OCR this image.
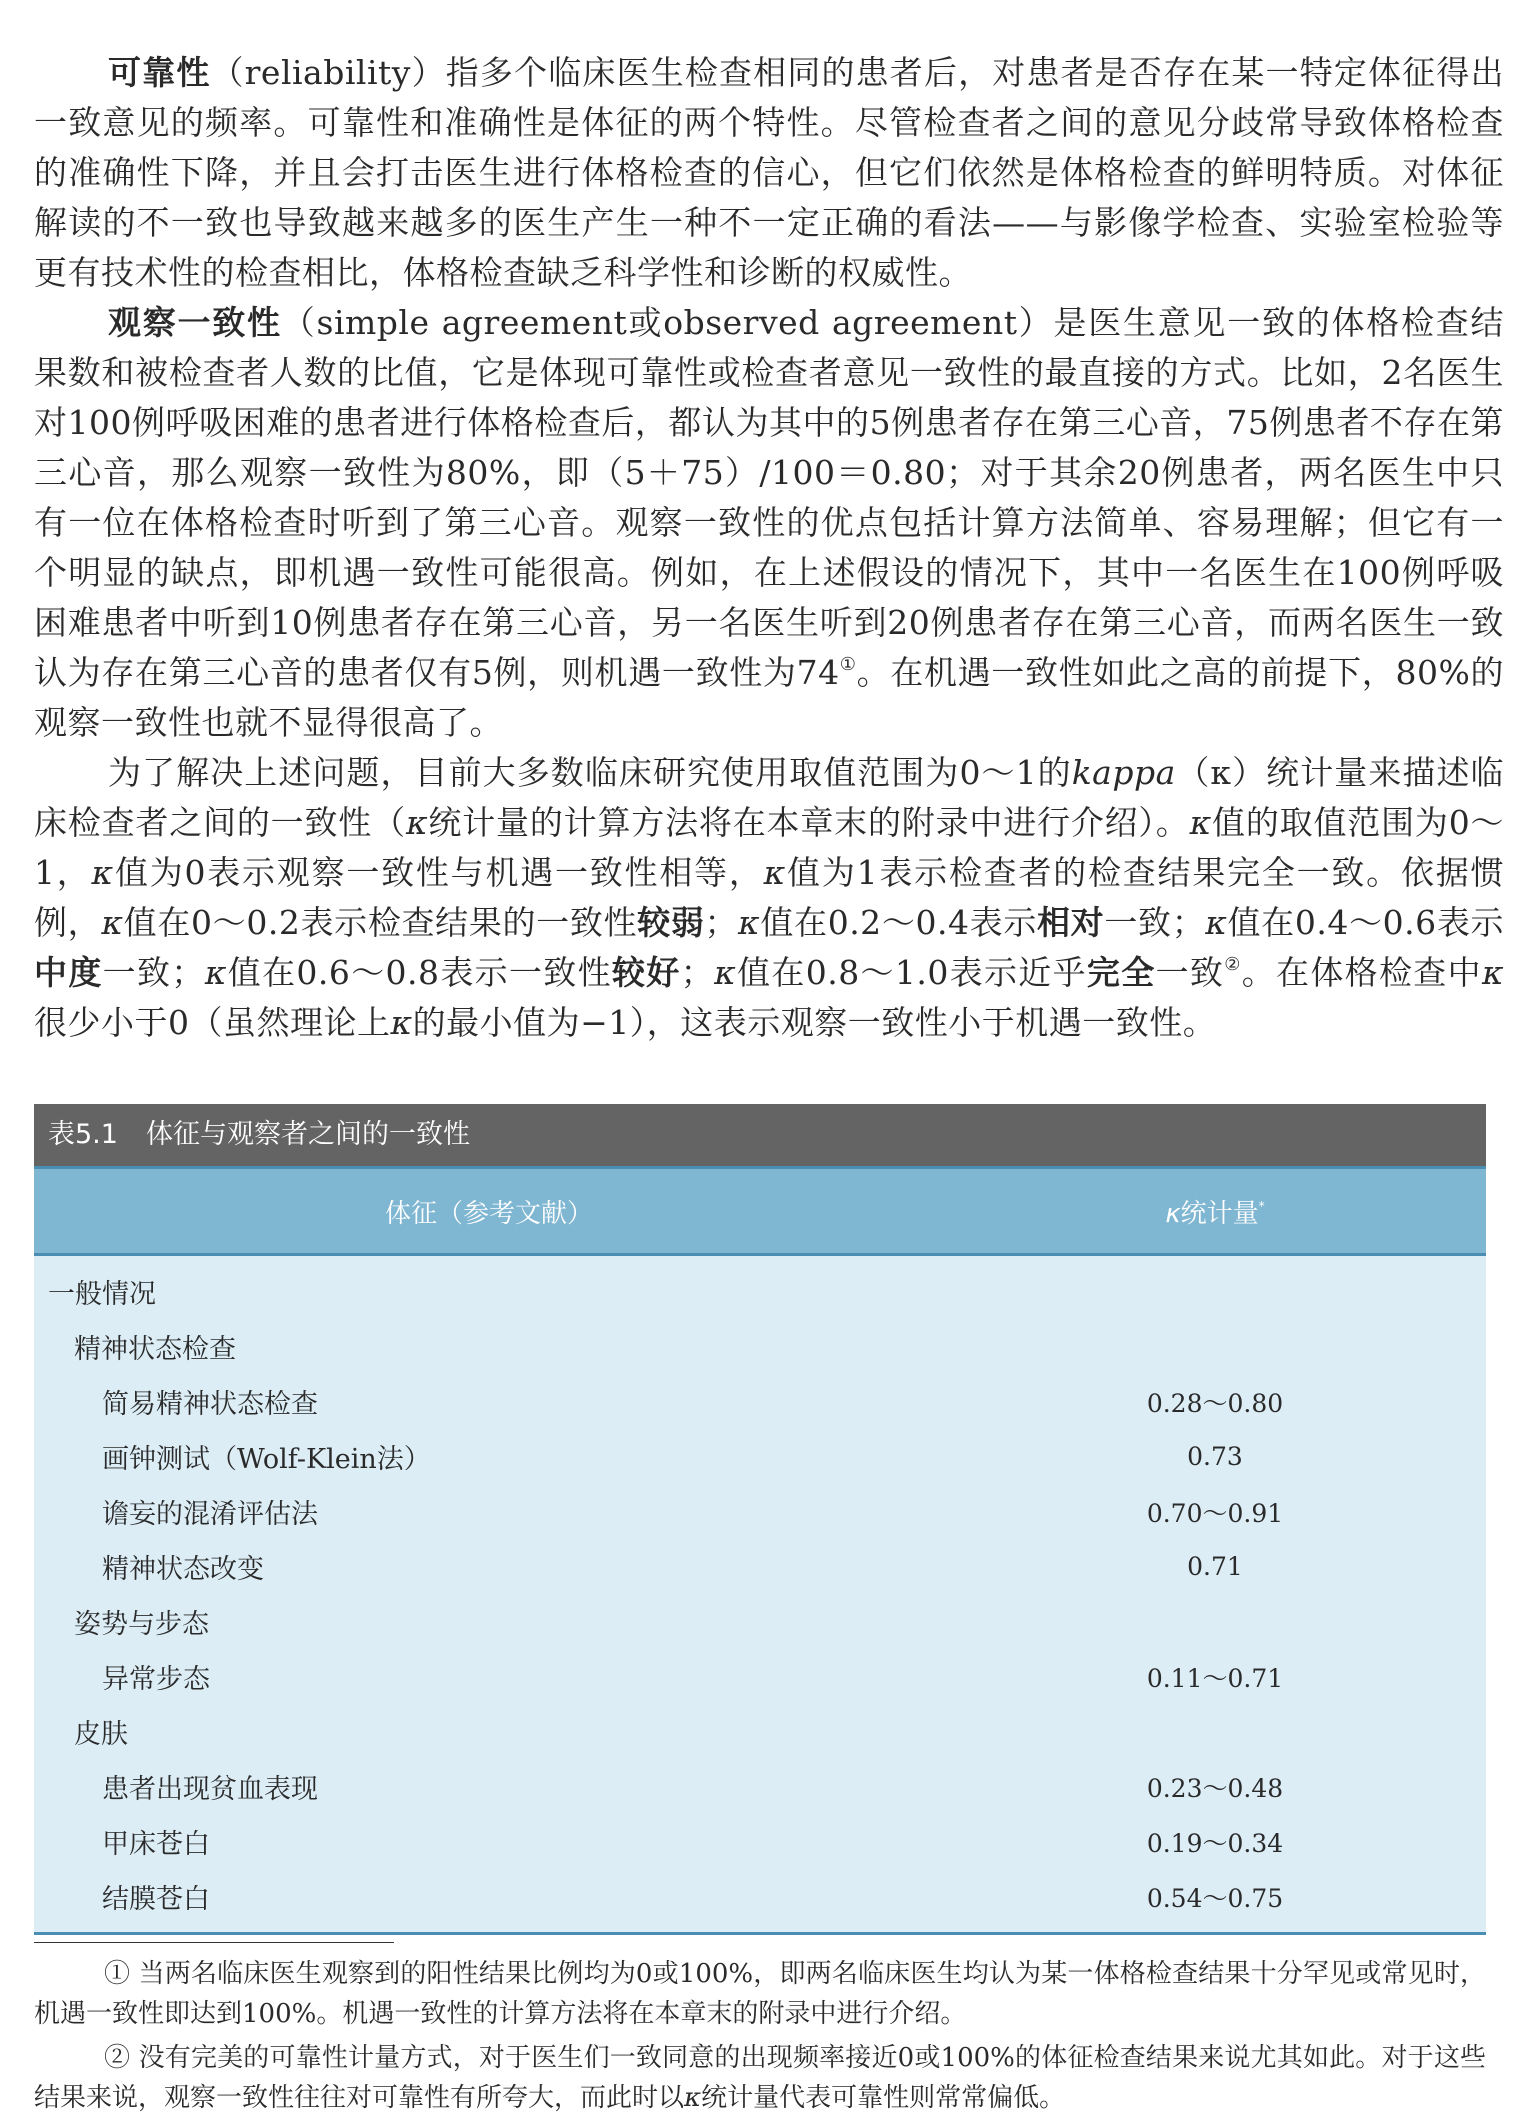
可靠性（reliability）指多个临床医生检查相同的患者后，对患者是否存在某一特定体征得出一致意见的频率。可靠性和准确性是体征的两个特性。尽管检查者之间的意见分歧常导致体格检查的准确性下降，并且会打击医生进行体格检查的信心，但它们依然是体格检查的鲜明特质。对体征解读的不一致也导致越来越多的医生产生一种不一定正确的看法——与影像学检查、实验室检验等更有技术性的检查相比，体格检查缺乏科学性和诊断的权威性。

观察一致性（simple agreement或observed agreement）是医生意见一致的体格检查结果数和被检查者人数的比值，它是体现可靠性或检查者意见一致性的最直接的方式。比如，2名医生对100例呼吸困难的患者进行体格检查后，都认为其中的5例患者存在第三心音，75例患者不存在第三心音，那么观察一致性为80%，即（5＋75）/100＝0.80；对于其余20例患者，两名医生中只有一位在体格检查时听到了第三心音。观察一致性的优点包括计算方法简单、容易理解；但它有一个明显的缺点，即机遇一致性可能很高。例如，在上述假设的情况下，其中一名医生在100例呼吸困难患者中听到10例患者存在第三心音，另一名医生听到20例患者存在第三心音，而两名医生一致认为存在第三心音的患者仅有5例，则机遇一致性为74①。在机遇一致性如此之高的前提下，80%的观察一致性也就不显得很高了。

为了解决上述问题，目前大多数临床研究使用取值范围为0～1的kappa（κ）统计量来描述临床检查者之间的一致性（κ统计量的计算方法将在本章末的附录中进行介绍）。κ值的取值范围为0～1，κ值为0表示观察一致性与机遇一致性相等，κ值为1表示检查者的检查结果完全一致。依据惯例，κ值在0～0.2表示检查结果的一致性较弱；κ值在0.2～0.4表示相对一致；κ值在0.4～0.6表示中度一致；κ值在0.6～0.8表示一致性较好；κ值在0.8～1.0表示近乎完全一致②。在体格检查中κ很少小于0（虽然理论上κ的最小值为−1），这表示观察一致性小于机遇一致性。

表5.1 体征与观察者之间的一致性
体征（参考文献）	κ统计量*
一般情况
精神状态检查
简易精神状态检查	0.28～0.80
画钟测试（Wolf-Klein法）	0.73
谵妄的混淆评估法	0.70～0.91
精神状态改变	0.71
姿势与步态
异常步态	0.11～0.71
皮肤
患者出现贫血表现	0.23～0.48
甲床苍白	0.19～0.34
结膜苍白	0.54～0.75

① 当两名临床医生观察到的阳性结果比例均为0或100%，即两名临床医生均认为某一体格检查结果十分罕见或常见时，机遇一致性即达到100%。机遇一致性的计算方法将在本章末的附录中进行介绍。

② 没有完美的可靠性计量方式，对于医生们一致同意的出现频率接近0或100%的体征检查结果来说尤其如此。对于这些结果来说，观察一致性往往对可靠性有所夸大，而此时以κ统计量代表可靠性则常常偏低。
